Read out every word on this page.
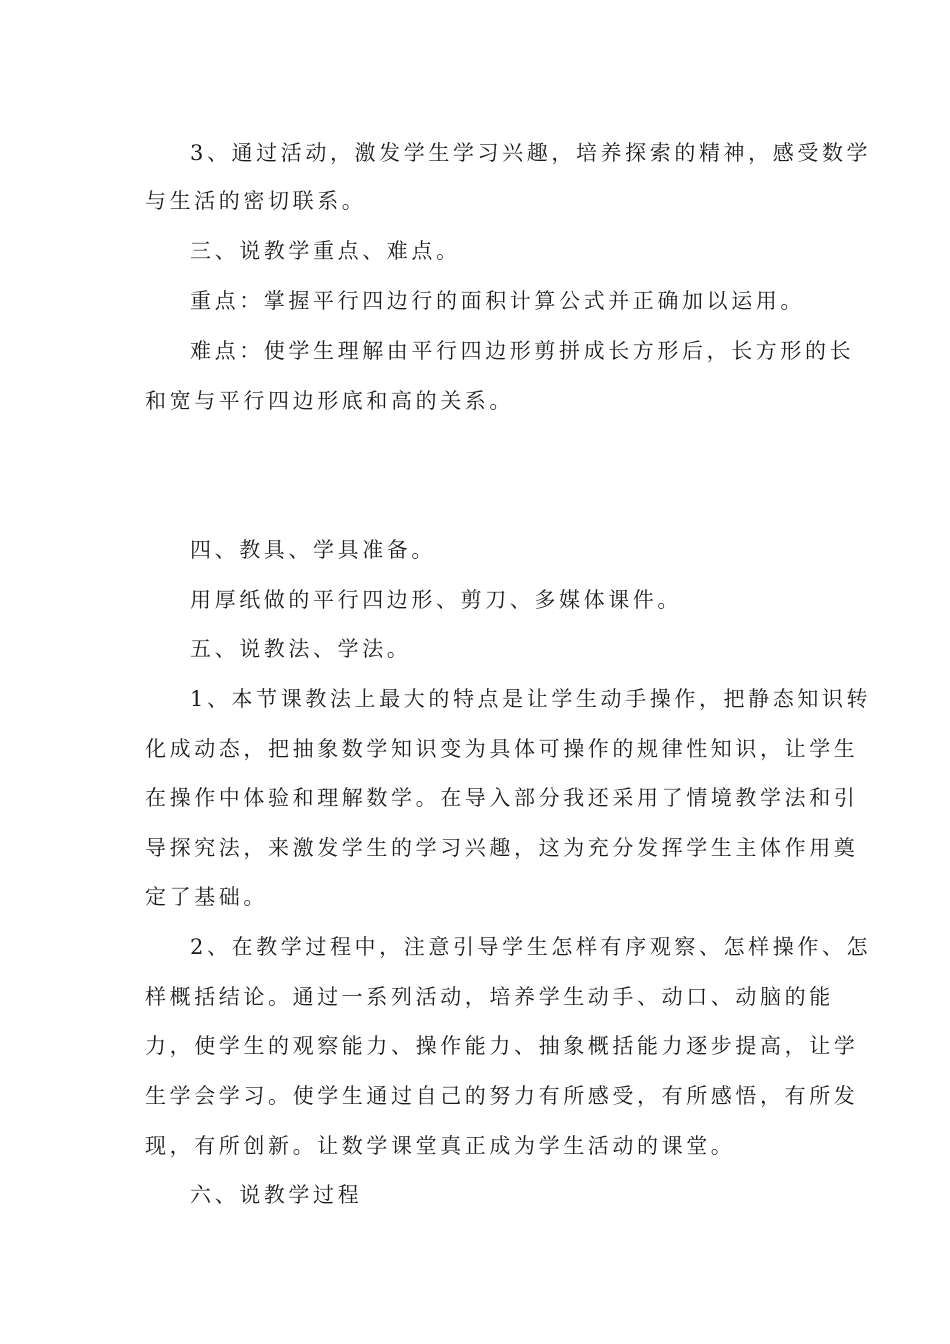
3、通过活动，激发学生学习兴趣，培养探索的精神，感受数学
与生活的密切联系。
三、说教学重点、难点。
重点：掌握平行四边行的面积计算公式并正确加以运用。
难点：使学生理解由平行四边形剪拼成长方形后，长方形的长
和宽与平行四边形底和高的关系。
四、教具、学具准备。
用厚纸做的平行四边形、剪刀、多媒体课件。
五、说教法、学法。
1、本节课教法上最大的特点是让学生动手操作，把静态知识转
化成动态，把抽象数学知识变为具体可操作的规律性知识，让学生
在操作中体验和理解数学。在导入部分我还采用了情境教学法和引
导探究法，来激发学生的学习兴趣，这为充分发挥学生主体作用奠
定了基础。
2、在教学过程中，注意引导学生怎样有序观察、怎样操作、怎
样概括结论。通过一系列活动，培养学生动手、动口、动脑的能
力，使学生的观察能力、操作能力、抽象概括能力逐步提高，让学
生学会学习。使学生通过自己的努力有所感受，有所感悟，有所发
现，有所创新。让数学课堂真正成为学生活动的课堂。
六、说教学过程
